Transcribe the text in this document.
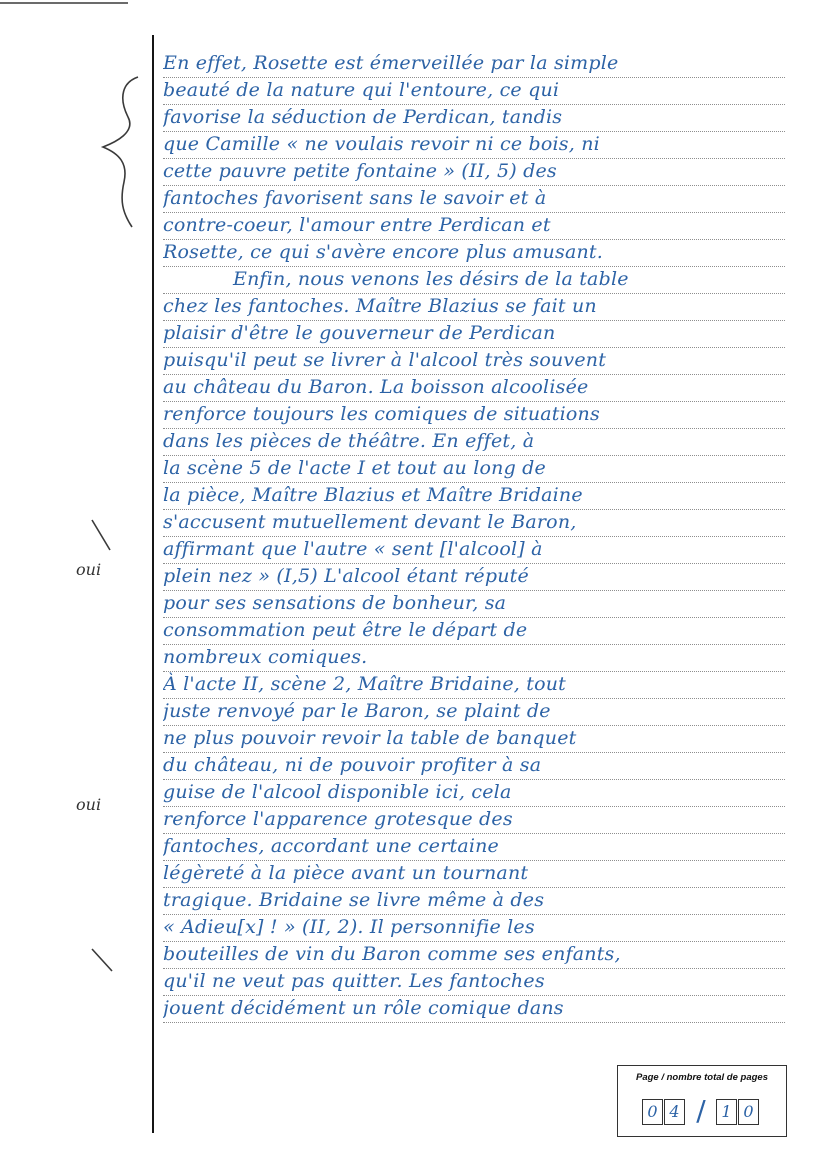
oui
oui
En effet, Rosette est émerveillée par la simple
beauté de la nature qui l'entoure, ce qui
favorise la séduction de Perdican, tandis
que Camille « ne voulais revoir ni ce bois, ni
cette pauvre petite fontaine » (II, 5) des
fantoches favorisent sans le savoir et à
contre-coeur, l'amour entre Perdican et
Rosette, ce qui s'avère encore plus amusant.
Enfin, nous venons les désirs de la table
chez les fantoches. Maître Blazius se fait un
plaisir d'être le gouverneur de Perdican
puisqu'il peut se livrer à l'alcool très souvent
au château du Baron. La boisson alcoolisée
renforce toujours les comiques de situations
dans les pièces de théâtre. En effet, à
la scène 5 de l'acte I et tout au long de
la pièce, Maître Blazius et Maître Bridaine
s'accusent mutuellement devant le Baron,
affirmant que l'autre « sent [l'alcool] à
plein nez » (I,5) L'alcool étant réputé
pour ses sensations de bonheur, sa
consommation peut être le départ de
nombreux comiques.
À l'acte II, scène 2, Maître Bridaine, tout
juste renvoyé par le Baron, se plaint de
ne plus pouvoir revoir la table de banquet
du château, ni de pouvoir profiter à sa
guise de l'alcool disponible ici, cela
renforce l'apparence grotesque des
fantoches, accordant une certaine
légèreté à la pièce avant un tournant
tragique. Bridaine se livre même à des
« Adieu[x] ! » (II, 2). Il personnifie les
bouteilles de vin du Baron comme ses enfants,
qu'il ne veut pas quitter. Les fantoches
jouent décidément un rôle comique dans
Page / nombre total de pages
0 4 / 1 0
